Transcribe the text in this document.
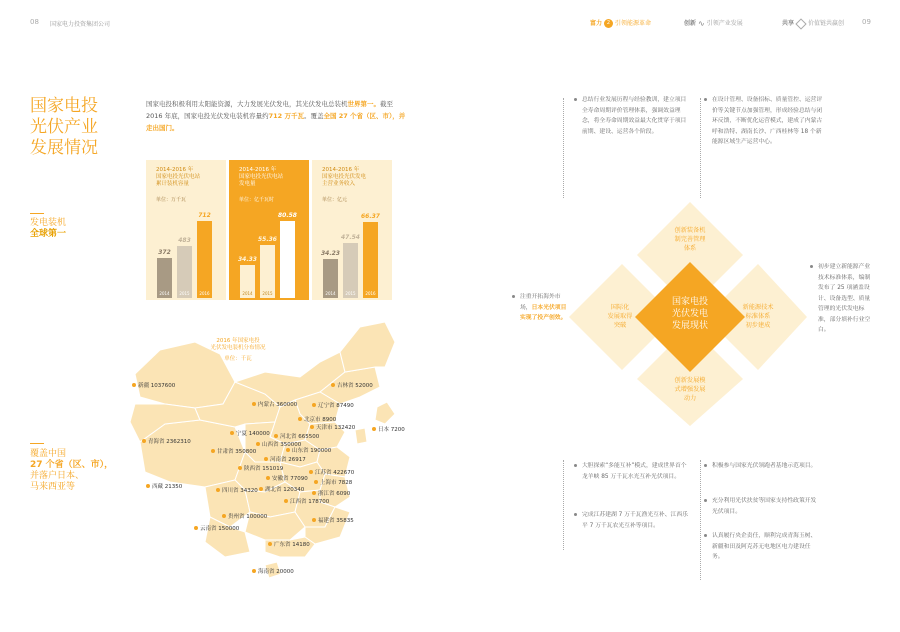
08 国家电力投资集团公司	富力 2 引领能源革命	创新 ∿ 引领产业发展	共享 价值链共赢创	09
国家电投
光伏产业
发展情况
国家电投积极利用太阳能资源，大力发展光伏发电，其光伏发电总装机世界第一。截至 2016 年底，国家电投光伏发电装机容量约712 万千瓦。覆盖全国 27 个省（区、市），并走出国门。
发电装机
全球第一
覆盖中国
27 个省（区、市），
并落户日本、
马来西亚等
2014-2016 年
国家电投光伏电站
累计装机容量
单位：万千瓦
2014-2016 年
国家电投光伏电站
发电量
单位：亿千瓦时
2014-2016 年
国家电投光伏发电
主营业务收入
单位：亿元
372
2014
483
2015
712
2016
34.33
2014
55.36
2015
80.58
2016
34.23
2014
47.54
2015
66.37
2016
2016 年国家电投
光伏发电装机分布情况
单位：千瓦
新疆 1037600
内蒙古 360000
吉林省 52000
辽宁省 87490
北京市 8900
天津市 132420
河北省 665500
山西省 350000
宁夏 140000
青海省 2362310
甘肃省 350800	山东省 190000
河南省 26917
陕西省 151019
江苏省 422670
上海市 7828
安徽省 77090
浙江省 6090
湖北省 120340
西藏 21350
四川省 34320
江西省 178700
贵州省 100000
云南省 150000
福建省 35835
广东省 14180
海南省 20000
日本 7200
总结行业发展历程与经验教训，建立项目全寿命周期评价管理体系，强调效益理念，将全寿命周期效益最大化贯穿于项目前期、建设、运营各个阶段。
在设计管理、设备招标、质量管控、运营评价等关键节点加强管理，形成经验总结与闭环反馈，不断优化运营模式，建成了内蒙古呼和浩特、湖南长沙、广西桂林等 18 个新能源区域生产运营中心。
初步建立新能源产业技术标准体系，编制发布了 25 项涵盖设计、设备选型、质量管理的光伏发电标准，部分填补行业空白。
注重开拓海外市场，日本光伏项目实现了投产创效。
大胆探索“多能互补”模式，建成世界首个龙羊峡 85 万千瓦水光互补光伏项目。
完成江苏建湖 7 万千瓦渔光互补、江西乐平 7 万千瓦农光互补等项目。
积极参与国家光伏领跑者基地示范项目。
充分利用光伏扶贫等国家支持性政策开发光伏项目。
认真履行央企责任，顺利完成青海玉树、新疆和田及阿克苏无电地区电力建设任务。
国家电投
光伏发电
发展现状
创新装备机
制完善管理
体系
国际化
发展取得
突破
新能源技术
标准体系
初步建成
创新发展模
式增强发展
动力
